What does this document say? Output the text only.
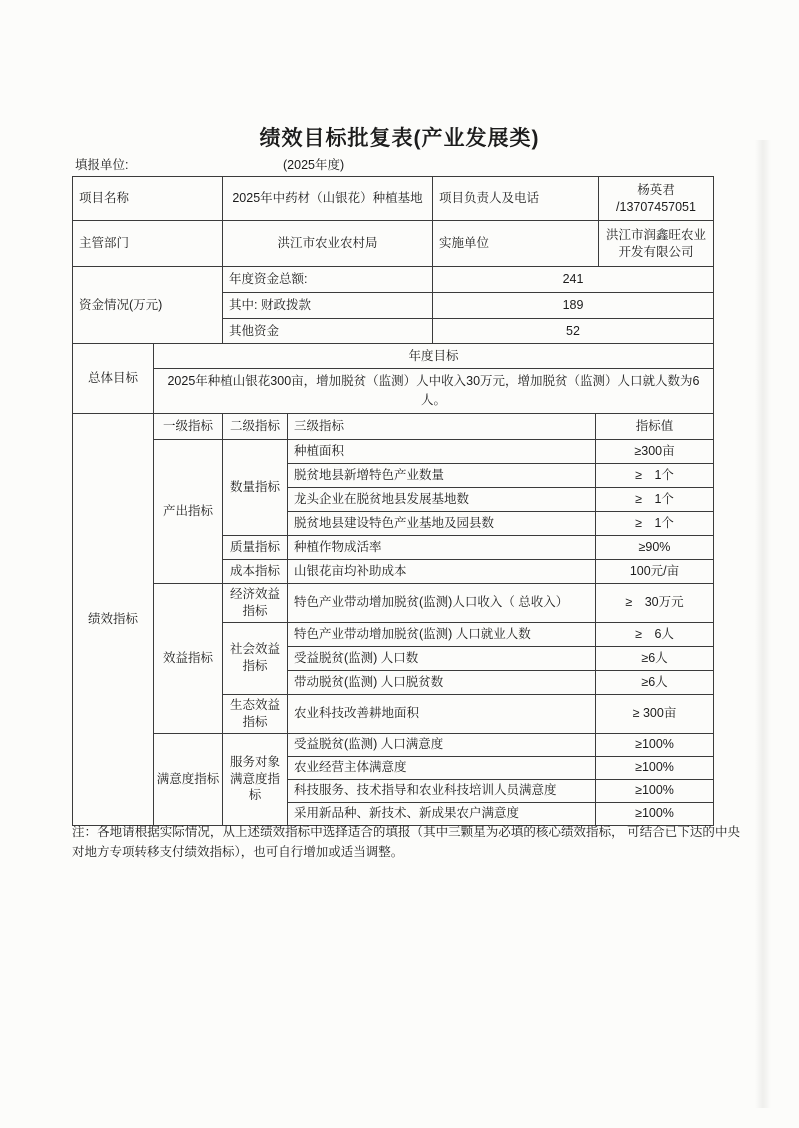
绩效目标批复表(产业发展类)
填报单位:	(2025年度)
项目名称	2025年中药材（山银花）种植基地	项目负责人及电话	杨英君
/13707457051

主管部门	洪江市农业农村局	实施单位	洪江市润鑫旺农业开发有限公司
资金情况(万元)	年度资金总额:	241	
	其中: 财政拨款	189	
	其他资金	52	
总体目标	年度目标
2025年种植山银花300亩，增加脱贫（监测）人中收入30万元，增加脱贫（监测）人口就人数为6人。
绩效指标	一级指标	二级指标	三级指标	指标值
	产出指标	数量指标	种植面积	≥300亩
			脱贫地县新增特色产业数量	≥　1个
			龙头企业在脱贫地县发展基地数	≥　1个
			脱贫地县建设特色产业基地及园县数	≥　1个
		质量指标	种植作物成活率	≥90%
		成本指标	山银花亩均补助成本	100元/亩
	效益指标	经济效益指标	特色产业带动增加脱贫(监测)人口收入（ 总收入）	≥　30万元
		社会效益指标	特色产业带动增加脱贫(监测) 人口就业人数	≥　6人
			受益脱贫(监测) 人口数	≥6人
			带动脱贫(监测) 人口脱贫数	≥6人
		生态效益指标	农业科技改善耕地面积	≥ 300亩
	满意度指标	服务对象满意度指标	受益脱贫(监测) 人口满意度	≥100%
			农业经营主体满意度	≥100%
			科技服务、技术指导和农业科技培训人员满意度	≥100%
			采用新品种、新技术、新成果农户满意度	≥100%
注：各地请根据实际情况，从上述绩效指标中选择适合的填报（其中三颗星为必填的核心绩效指标， 可结合已下达的中央对地方专项转移支付绩效指标），也可自行增加或适当调整。
